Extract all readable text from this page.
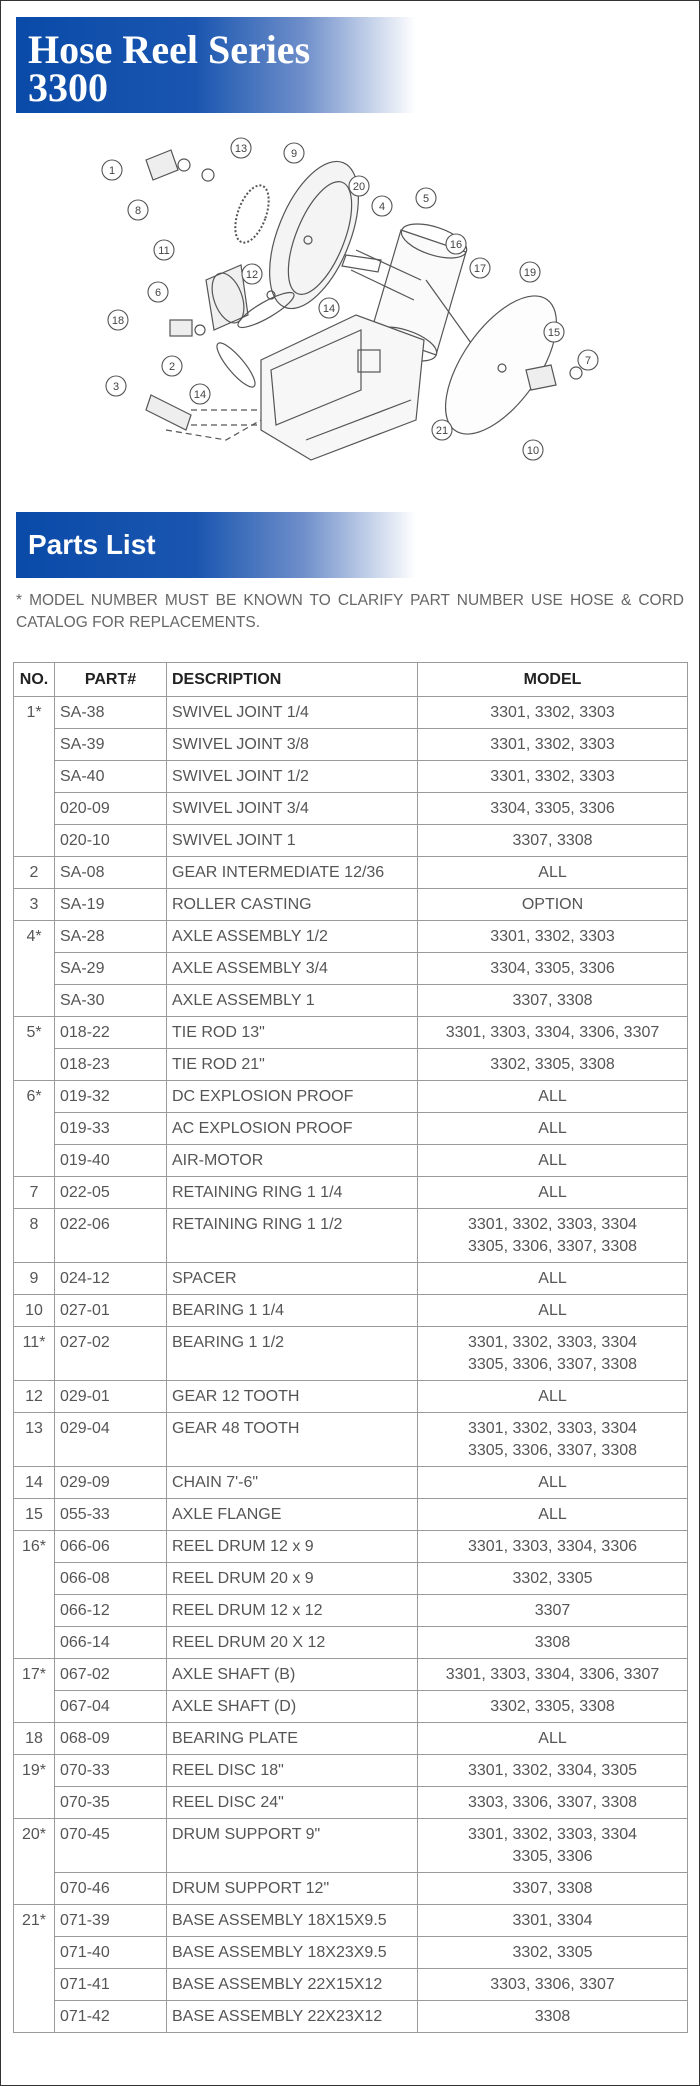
Hose Reel Series
3300
1
2
3
4
5
6
7
8
9
10
11
12
13
14
14
15
16
17
18
19
20
21
Parts List
* MODEL NUMBER MUST BE KNOWN TO CLARIFY PART NUMBER USE HOSE & CORD CATALOG FOR REPLACEMENTS.
NO.	PART#	DESCRIPTION	MODEL
1*	SA-38	SWIVEL JOINT 1/4	3301, 3302, 3303
	SA-39	SWIVEL JOINT 3/8	3301, 3302, 3303
	SA-40	SWIVEL JOINT 1/2	3301, 3302, 3303
	020-09	SWIVEL JOINT 3/4	3304, 3305, 3306
	020-10	SWIVEL JOINT 1	3307, 3308
2	SA-08	GEAR INTERMEDIATE 12/36	ALL
3	SA-19	ROLLER CASTING	OPTION
4*	SA-28	AXLE ASSEMBLY 1/2	3301, 3302, 3303
	SA-29	AXLE ASSEMBLY 3/4	3304, 3305, 3306
	SA-30	AXLE ASSEMBLY 1	3307, 3308
5*	018-22	TIE ROD 13"	3301, 3303, 3304, 3306, 3307
	018-23	TIE ROD 21"	3302, 3305, 3308
6*	019-32	DC EXPLOSION PROOF	ALL
	019-33	AC EXPLOSION PROOF	ALL
	019-40	AIR-MOTOR	ALL
7	022-05	RETAINING RING 1 1/4	ALL
8	022-06	RETAINING RING 1 1/2	3301, 3302, 3303, 3304
3305, 3306, 3307, 3308
9	024-12	SPACER	ALL
10	027-01	BEARING 1 1/4	ALL
11*	027-02	BEARING 1 1/2	3301, 3302, 3303, 3304
3305, 3306, 3307, 3308
12	029-01	GEAR 12 TOOTH	ALL
13	029-04	GEAR 48 TOOTH	3301, 3302, 3303, 3304
3305, 3306, 3307, 3308
14	029-09	CHAIN 7'-6"	ALL
15	055-33	AXLE FLANGE	ALL
16*	066-06	REEL DRUM 12 x 9	3301, 3303, 3304, 3306
	066-08	REEL DRUM 20 x 9	3302, 3305
	066-12	REEL DRUM 12 x 12	3307
	066-14	REEL DRUM 20 X 12	3308
17*	067-02	AXLE SHAFT (B)	3301, 3303, 3304, 3306, 3307
	067-04	AXLE SHAFT (D)	3302, 3305, 3308
18	068-09	BEARING PLATE	ALL
19*	070-33	REEL DISC 18"	3301, 3302, 3304, 3305
	070-35	REEL DISC 24"	3303, 3306, 3307, 3308
20*	070-45	DRUM SUPPORT 9"	3301, 3302, 3303, 3304
3305, 3306
	070-46	DRUM SUPPORT 12"	3307, 3308
21*	071-39	BASE ASSEMBLY 18X15X9.5	3301, 3304
	071-40	BASE ASSEMBLY 18X23X9.5	3302, 3305
	071-41	BASE ASSEMBLY 22X15X12	3303, 3306, 3307
	071-42	BASE ASSEMBLY 22X23X12	3308
